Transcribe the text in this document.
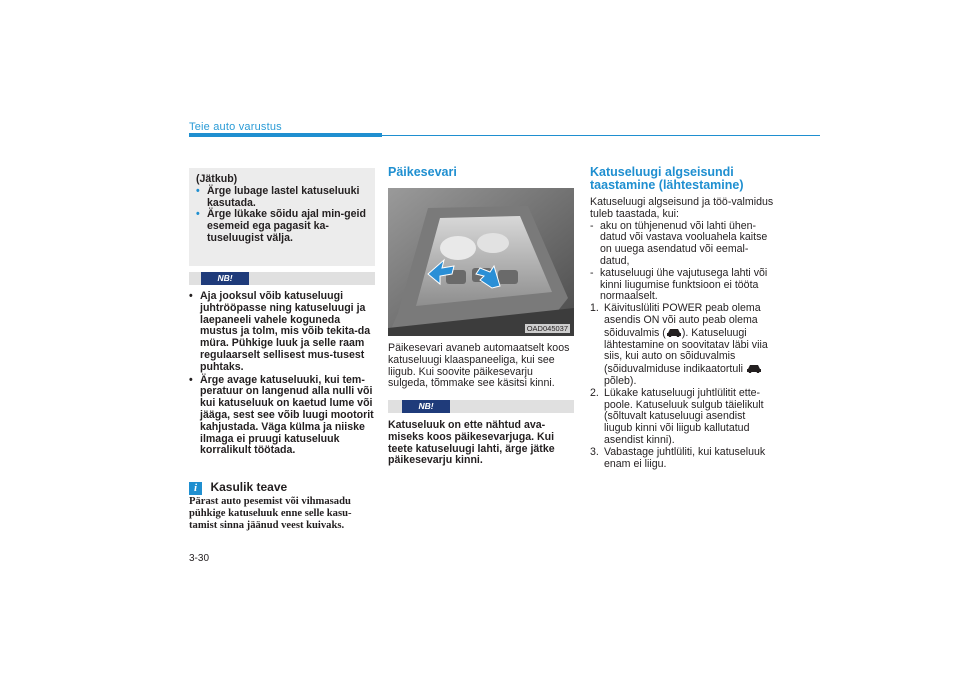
Teie auto varustus
(Jätkub)
• Ärge lubage lastel katuseluuki kasutada.
• Ärge lükake sõidu ajal min-geid esemeid ega pagasit ka-tuseluugist välja.
NB!
• Aja jooksul võib katuseluugi juhtrööpasse ning katuseluugi ja laepaneeli vahele koguneda mustus ja tolm, mis võib tekita-da müra. Pühkige luuk ja selle raam regulaarselt sellisest mus-tusest puhtaks.
• Ärge avage katuseluuki, kui tem-peratuur on langenud alla nulli või kui katuseluuk on kaetud lume või jääga, sest see võib luugi mootorit kahjustada. Väga külma ja niiske ilmaga ei pruugi katuseluuk korralikult töötada.
i Kasulik teave
Pärast auto pesemist või vihmasadu pühkige katuseluuk enne selle kasu-tamist sinna jäänud veest kuivaks.
Päikesevari
OAD045037
Päikesevari avaneb automaatselt koos katuseluugi klaaspaneeliga, kui see liigub. Kui soovite päikesevarju sulgeda, tõmmake see käsitsi kinni.
NB!
Katuseluuk on ette nähtud ava-miseks koos päikesevarjuga. Kui teete katuseluugi lahti, ärge jätke päikesevarju kinni.
Katuseluugi algseisundi
taastamine (lähtestamine)
Katuseluugi algseisund ja töö-valmidus tuleb taastada, kui:
- aku on tühjenenud või lahti ühen-datud või vastava vooluahela kaitse on uuega asendatud või eemal-datud,
- katuseluugi ühe vajutusega lahti või kinni liugumise funktsioon ei tööta normaalselt.
1. Käivituslüliti POWER peab olema asendis ON või auto peab olema sõiduvalmis ( ). Katuseluugi lähtestamine on soovitatav läbi viia siis, kui auto on sõiduvalmis (sõiduvalmiduse indikaatortuli  põleb).
2. Lükake katuseluugi juhtlülitit ette-poole. Katuseluuk sulgub täielikult (sõltuvalt katuseluugi asendist liugub kinni või liigub kallutatud asendist kinni).
3. Vabastage juhtlüliti, kui katuseluuk enam ei liigu.
3-30
